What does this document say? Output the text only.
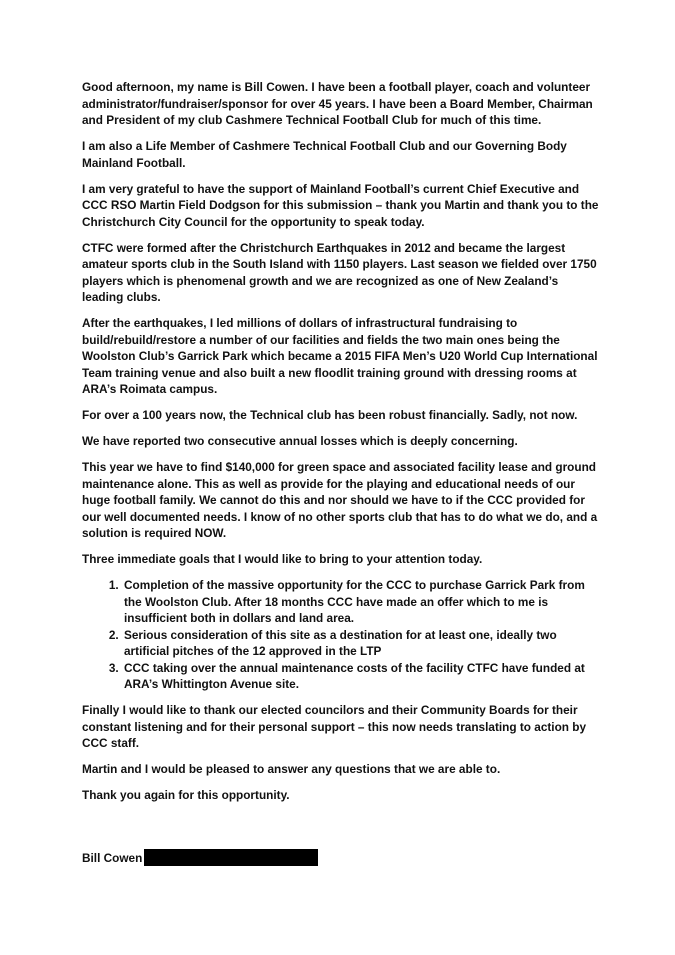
Good afternoon, my name is Bill Cowen. I have been a football player, coach and volunteer administrator/fundraiser/sponsor for over 45 years. I have been a Board Member, Chairman and President of my club Cashmere Technical Football Club for much of this time.

I am also a Life Member of Cashmere Technical Football Club and our Governing Body Mainland Football.

I am very grateful to have the support of Mainland Football’s current Chief Executive and CCC RSO Martin Field Dodgson for this submission – thank you Martin and thank you to the Christchurch City Council for the opportunity to speak today.

CTFC were formed after the Christchurch Earthquakes in 2012 and became the largest amateur sports club in the South Island with 1150 players. Last season we fielded over 1750 players which is phenomenal growth and we are recognized as one of New Zealand’s leading clubs.

After the earthquakes, I led millions of dollars of infrastructural fundraising to build/rebuild/restore a number of our facilities and fields the two main ones being the Woolston Club’s Garrick Park which became a 2015 FIFA Men’s U20 World Cup International Team training venue and also built a new floodlit training ground with dressing rooms at ARA’s Roimata campus.

For over a 100 years now, the Technical club has been robust financially. Sadly, not now.

We have reported two consecutive annual losses which is deeply concerning.

This year we have to find $140,000 for green space and associated facility lease and ground maintenance alone. This as well as provide for the playing and educational needs of our huge football family. We cannot do this and nor should we have to if the CCC provided for our well documented needs. I know of no other sports club that has to do what we do, and a solution is required NOW.

Three immediate goals that I would like to bring to your attention today.

1. Completion of the massive opportunity for the CCC to purchase Garrick Park from the Woolston Club. After 18 months CCC have made an offer which to me is insufficient both in dollars and land area.
2. Serious consideration of this site as a destination for at least one, ideally two artificial pitches of the 12 approved in the LTP
3. CCC taking over the annual maintenance costs of the facility CTFC have funded at ARA’s Whittington Avenue site.

Finally I would like to thank our elected councilors and their Community Boards for their constant listening and for their personal support – this now needs translating to action by CCC staff.

Martin and I would be pleased to answer any questions that we are able to.

Thank you again for this opportunity.

Bill Cowen
